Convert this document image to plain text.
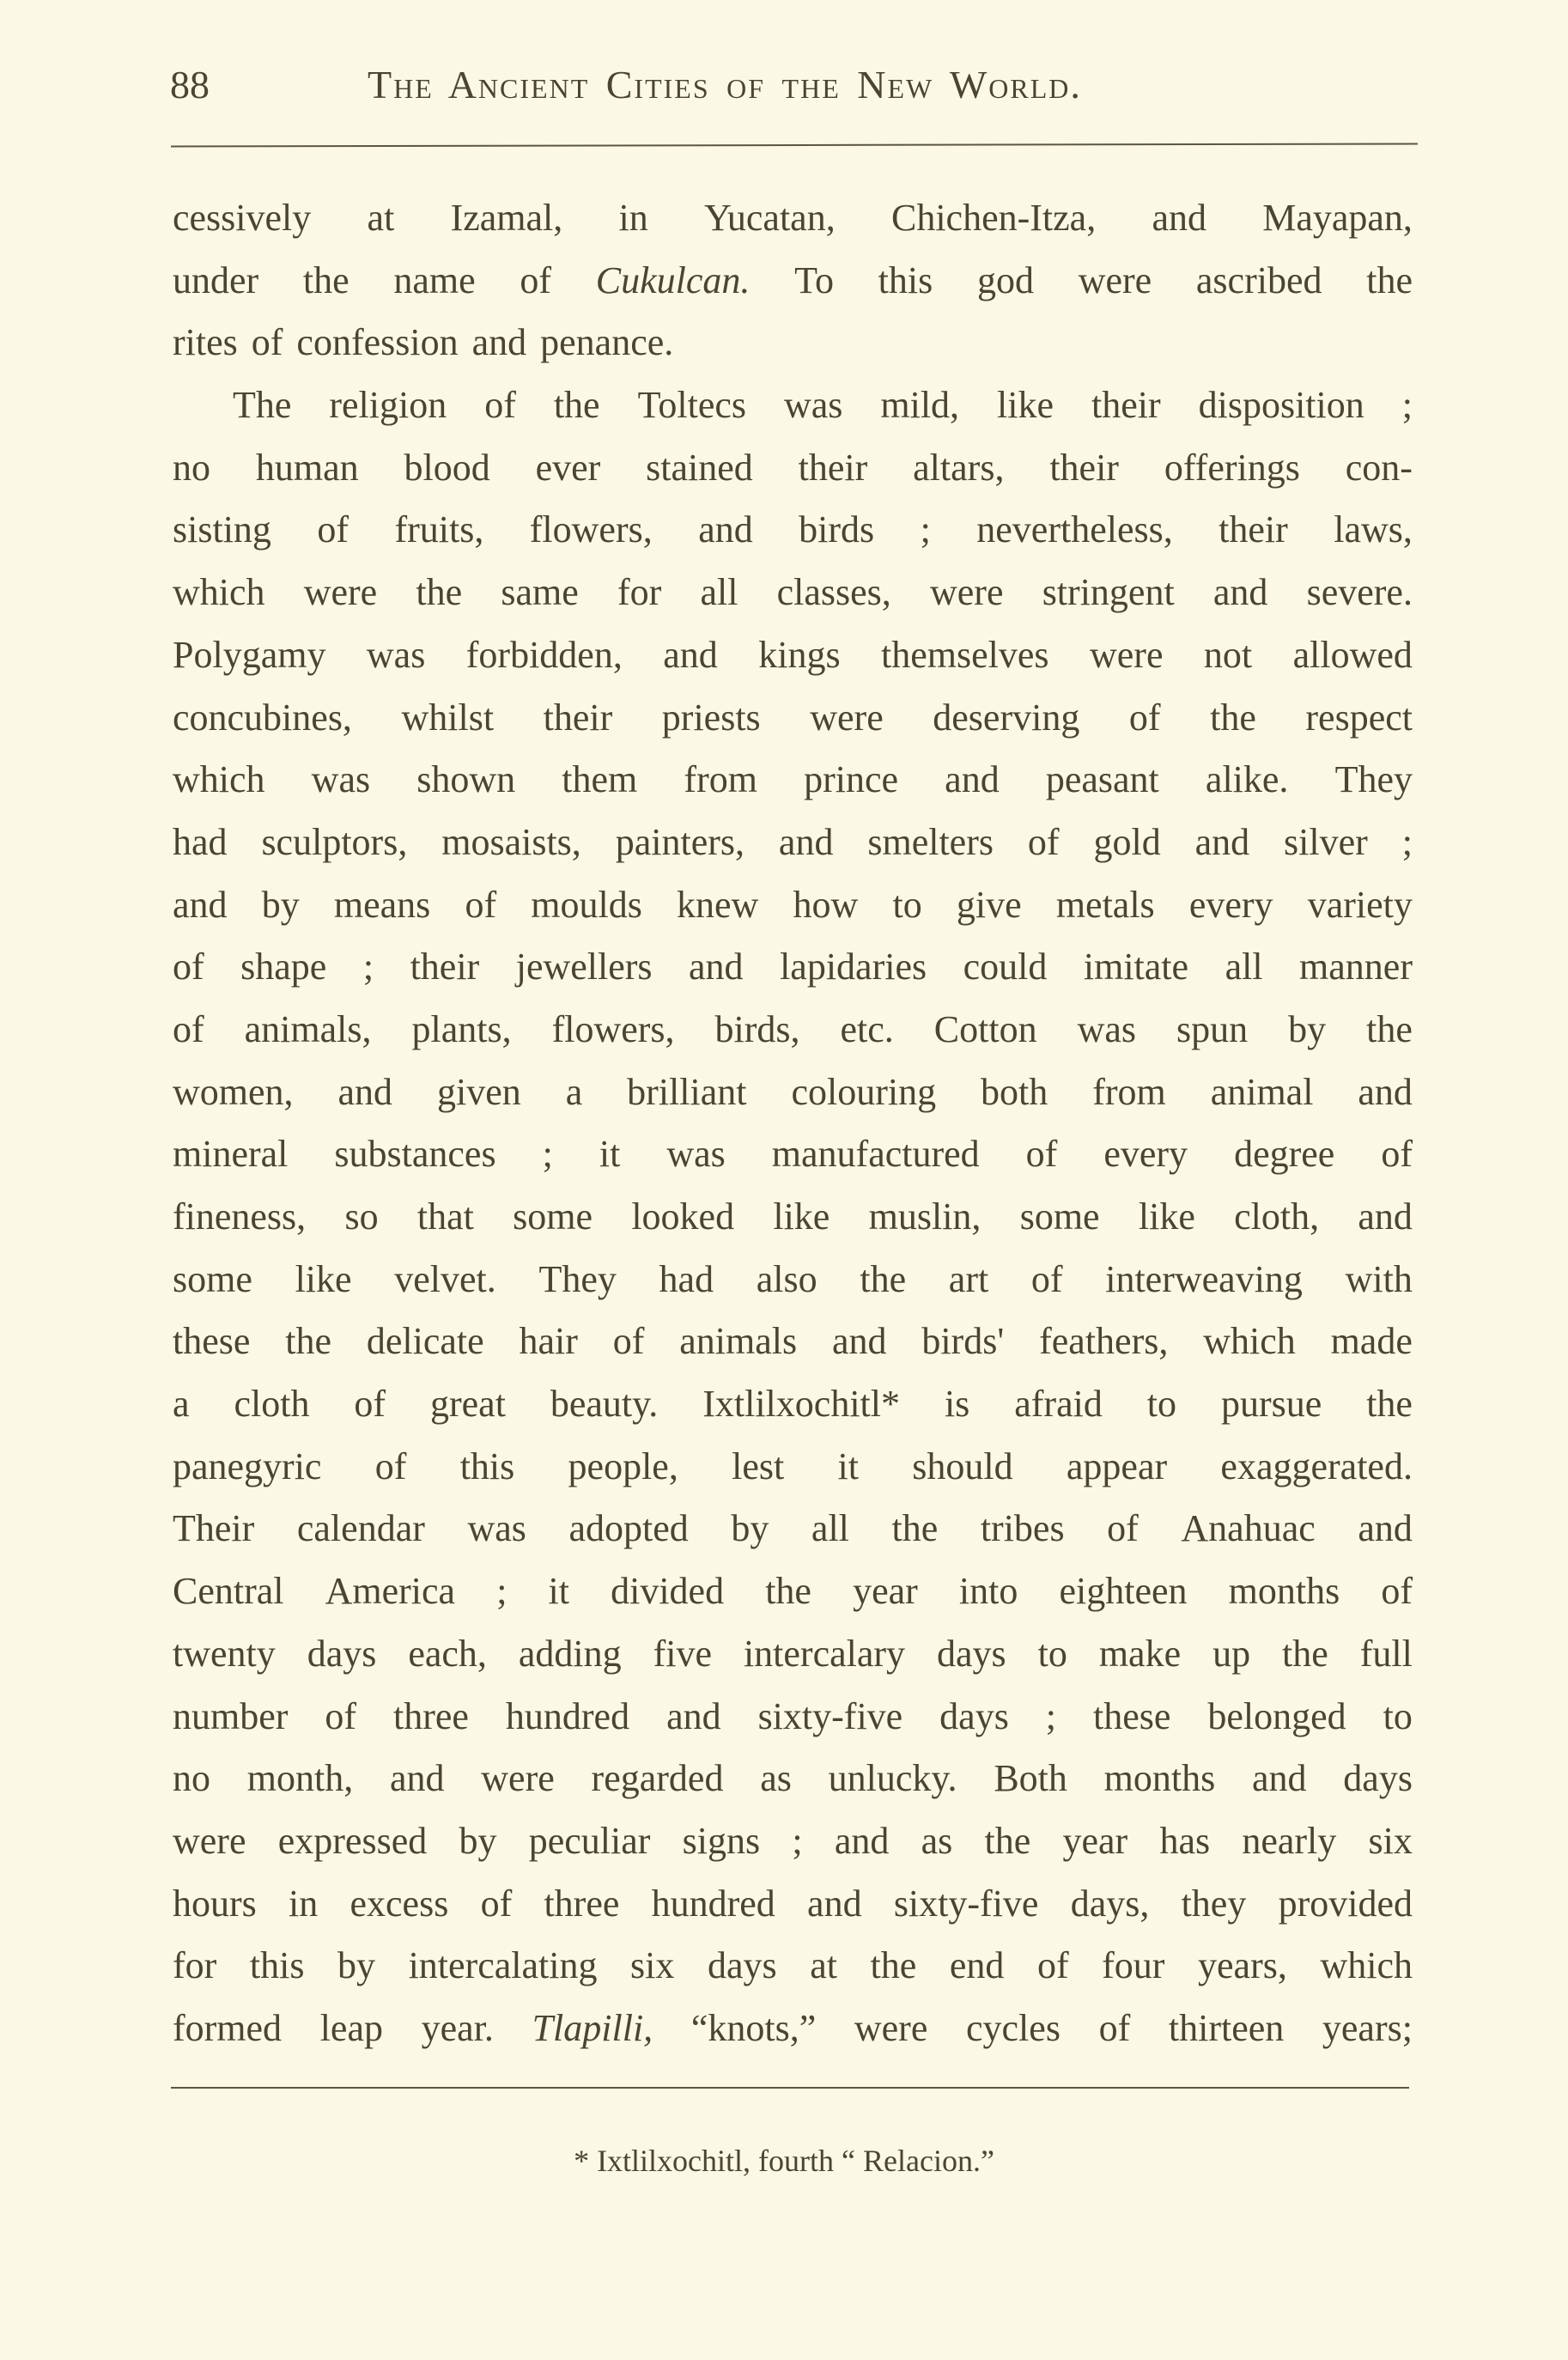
88	The Ancient Cities of the New World.
cessively at Izamal, in Yucatan, Chichen-Itza, and Mayapan,
under the name of Cukulcan. To this god were ascribed the
rites of confession and penance.
The religion of the Toltecs was mild, like their disposition ;
no human blood ever stained their altars, their offerings con-
sisting of fruits, flowers, and birds ; nevertheless, their laws,
which were the same for all classes, were stringent and severe.
Polygamy was forbidden, and kings themselves were not allowed
concubines, whilst their priests were deserving of the respect
which was shown them from prince and peasant alike. They
had sculptors, mosaists, painters, and smelters of gold and silver ;
and by means of moulds knew how to give metals every variety
of shape ; their jewellers and lapidaries could imitate all manner
of animals, plants, flowers, birds, etc. Cotton was spun by the
women, and given a brilliant colouring both from animal and
mineral substances ; it was manufactured of every degree of
fineness, so that some looked like muslin, some like cloth, and
some like velvet. They had also the art of interweaving with
these the delicate hair of animals and birds' feathers, which made
a cloth of great beauty. Ixtlilxochitl* is afraid to pursue the
panegyric of this people, lest it should appear exaggerated.
Their calendar was adopted by all the tribes of Anahuac and
Central America ; it divided the year into eighteen months of
twenty days each, adding five intercalary days to make up the full
number of three hundred and sixty-five days ; these belonged to
no month, and were regarded as unlucky. Both months and days
were expressed by peculiar signs ; and as the year has nearly six
hours in excess of three hundred and sixty-five days, they provided
for this by intercalating six days at the end of four years, which
formed leap year. Tlapilli, “knots,” were cycles of thirteen years;
* Ixtlilxochitl, fourth “ Relacion.”
